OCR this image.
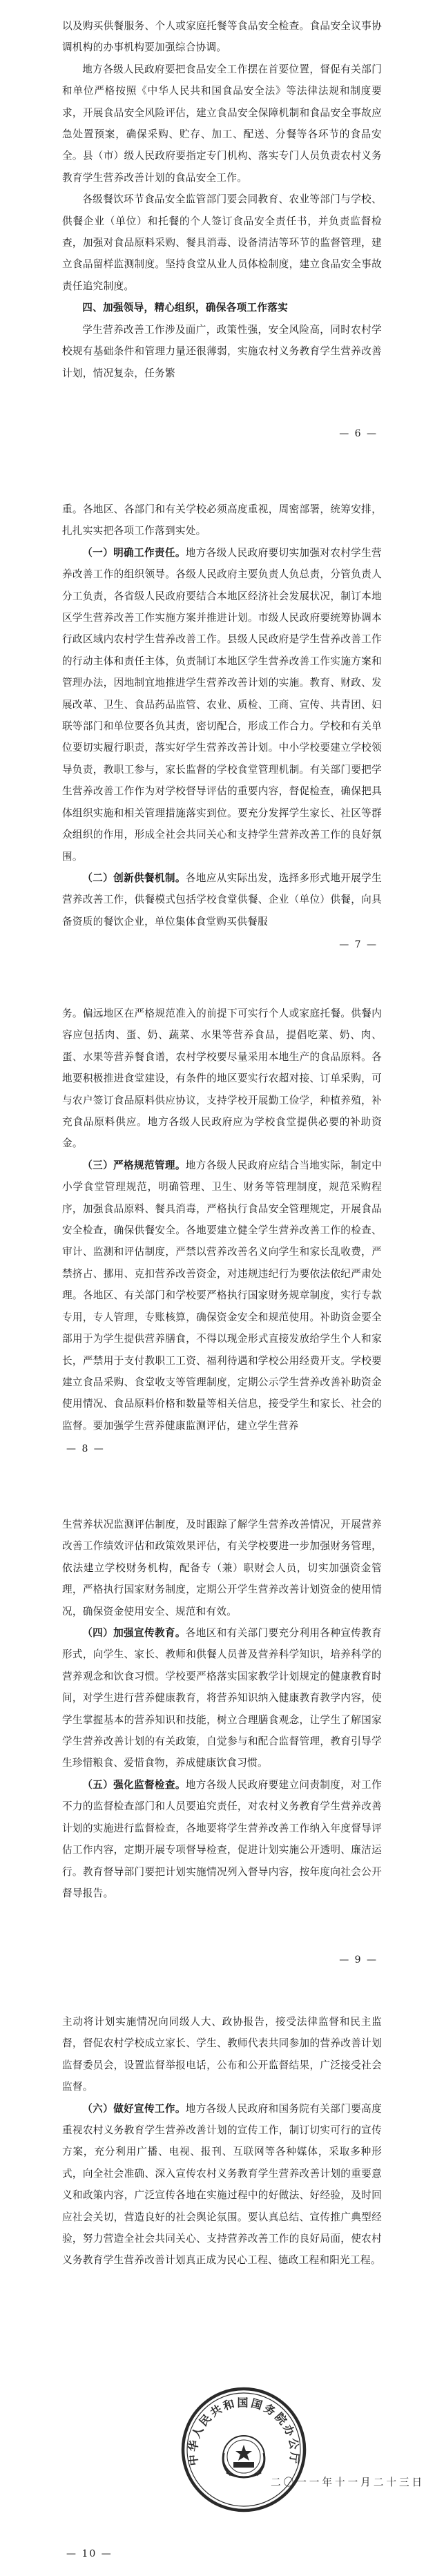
以及购买供餐服务、个人或家庭托餐等食品安全检查。食品安全议事协调机构的办事机构要加强综合协调。

地方各级人民政府要把食品安全工作摆在首要位置，督促有关部门和单位严格按照《中华人民共和国食品安全法》等法律法规和制度要求，开展食品安全风险评估，建立食品安全保障机制和食品安全事故应急处置预案，确保采购、贮存、加工、配送、分餐等各环节的食品安全。县（市）级人民政府要指定专门机构、落实专门人员负责农村义务教育学生营养改善计划的食品安全工作。

各级餐饮环节食品安全监管部门要会同教育、农业等部门与学校、供餐企业（单位）和托餐的个人签订食品安全责任书，并负责监督检查，加强对食品原料采购、餐具消毒、设备清洁等环节的监督管理，建立食品留样监测制度。坚持食堂从业人员体检制度，建立食品安全事故责任追究制度。

四、加强领导，精心组织，确保各项工作落实

学生营养改善工作涉及面广，政策性强，安全风险高，同时农村学校规有基础条件和管理力量还很薄弱，实施农村义务教育学生营养改善计划，情况复杂，任务繁

— 6 —

重。各地区、各部门和有关学校必须高度重视，周密部署，统筹安排，扎扎实实把各项工作落到实处。

（一）明确工作责任。地方各级人民政府要切实加强对农村学生营养改善工作的组织领导。各级人民政府主要负责人负总责，分管负责人分工负责，各省级人民政府要结合本地区经济社会发展状况，制订本地区学生营养改善工作实施方案并推进计划。市级人民政府要统筹协调本行政区域内农村学生营养改善工作。县级人民政府是学生营养改善工作的行动主体和责任主体，负责制订本地区学生营养改善工作实施方案和管理办法，因地制宜地推进学生营养改善计划的实施。教育、财政、发展改革、卫生、食品药品监管、农业、质检、工商、宣传、共青团、妇联等部门和单位要各负其责，密切配合，形成工作合力。学校和有关单位要切实履行职责，落实好学生营养改善计划。中小学校要建立学校领导负责，教职工参与，家长监督的学校食堂管理机制。有关部门要把学生营养改善工作作为对学校督导评估的重要内容，督促检查，确保把具体组织实施和相关管理措施落实到位。要充分发挥学生家长、社区等群众组织的作用，形成全社会共同关心和支持学生营养改善工作的良好氛围。

（二）创新供餐机制。各地应从实际出发，选择多形式地开展学生营养改善工作，供餐模式包括学校食堂供餐、企业（单位）供餐，向具备资质的餐饮企业，单位集体食堂购买供餐服

— 7 —

务。偏远地区在严格规范准入的前提下可实行个人或家庭托餐。供餐内容应包括肉、蛋、奶、蔬菜、水果等营养食品，提倡吃菜、奶、肉、蛋、水果等营养餐食谱，农村学校要尽量采用本地生产的食品原料。各地要积极推进食堂建设，有条件的地区要实行农超对接、订单采购，可与农户签订食品原料供应协议，支持学校开展勤工俭学，种植养殖，补充食品原料供应。地方各级人民政府应为学校食堂提供必要的补助资金。

（三）严格规范管理。地方各级人民政府应结合当地实际，制定中小学食堂管理规范，明确管理、卫生、财务等管理制度，规范采购程序，加强食品原料、餐具消毒，严格执行食品安全管理规定，开展食品安全检查，确保供餐安全。各地要建立健全学生营养改善工作的检查、审计、监测和评估制度，严禁以营养改善名义向学生和家长乱收费，严禁挤占、挪用、克扣营养改善资金，对违规违纪行为要依法依纪严肃处理。各地区、有关部门和学校要严格执行国家财务规章制度，实行专款专用，专人管理，专账核算，确保资金安全和规范使用。补助资金要全部用于为学生提供营养膳食，不得以现金形式直接发放给学生个人和家长，严禁用于支付教职工工资、福利待遇和学校公用经费开支。学校要建立食品采购、食堂收支等管理制度，定期公示学生营养改善补助资金使用情况、食品原料价格和数量等相关信息，接受学生和家长、社会的监督。要加强学生营养健康监测评估，建立学生营养

— 8 —

生营养状况监测评估制度，及时跟踪了解学生营养改善情况，开展营养改善工作绩效评估和政策效果评估，有关学校要进一步加强财务管理，依法建立学校财务机构，配备专（兼）职财会人员，切实加强资金管理，严格执行国家财务制度，定期公开学生营养改善计划资金的使用情况，确保资金使用安全、规范和有效。

（四）加强宣传教育。各地区和有关部门要充分利用各种宣传教育形式，向学生、家长、教师和供餐人员普及营养科学知识，培养科学的营养观念和饮食习惯。学校要严格落实国家教学计划规定的健康教育时间，对学生进行营养健康教育，将营养知识纳入健康教育教学内容，使学生掌握基本的营养知识和技能，树立合理膳食观念，让学生了解国家学生营养改善计划的有关政策，自觉参与和配合监督管理，教育引导学生珍惜粮食、爱惜食物，养成健康饮食习惯。

（五）强化监督检查。地方各级人民政府要建立问责制度，对工作不力的监督检查部门和人员要追究责任，对农村义务教育学生营养改善计划的实施进行监督检查，各地要将学生营养改善工作纳入年度督导评估工作内容，定期开展专项督导检查，促进计划实施公开透明、廉洁运行。教育督导部门要把计划实施情况列入督导内容，按年度向社会公开督导报告。

— 9 —

主动将计划实施情况向同级人大、政协报告，接受法律监督和民主监督，督促农村学校成立家长、学生、教师代表共同参加的营养改善计划监督委员会，设置监督举报电话，公布和公开监督结果，广泛接受社会监督。

（六）做好宣传工作。地方各级人民政府和国务院有关部门要高度重视农村义务教育学生营养改善计划的宣传工作，制订切实可行的宣传方案，充分利用广播、电视、报刊、互联网等各种媒体，采取多种形式，向全社会准确、深入宣传农村义务教育学生营养改善计划的重要意义和政策内容，广泛宣传各地在实施过程中的好做法、好经验，及时回应社会关切，营造良好的社会舆论氛围。要认真总结、宣传推广典型经验，努力营造全社会共同关心、支持营养改善工作的良好局面，使农村义务教育学生营养改善计划真正成为民心工程、德政工程和阳光工程。

— 10 —
中华人民共和国国务院办公厅
二〇一一年十一月二十三日
